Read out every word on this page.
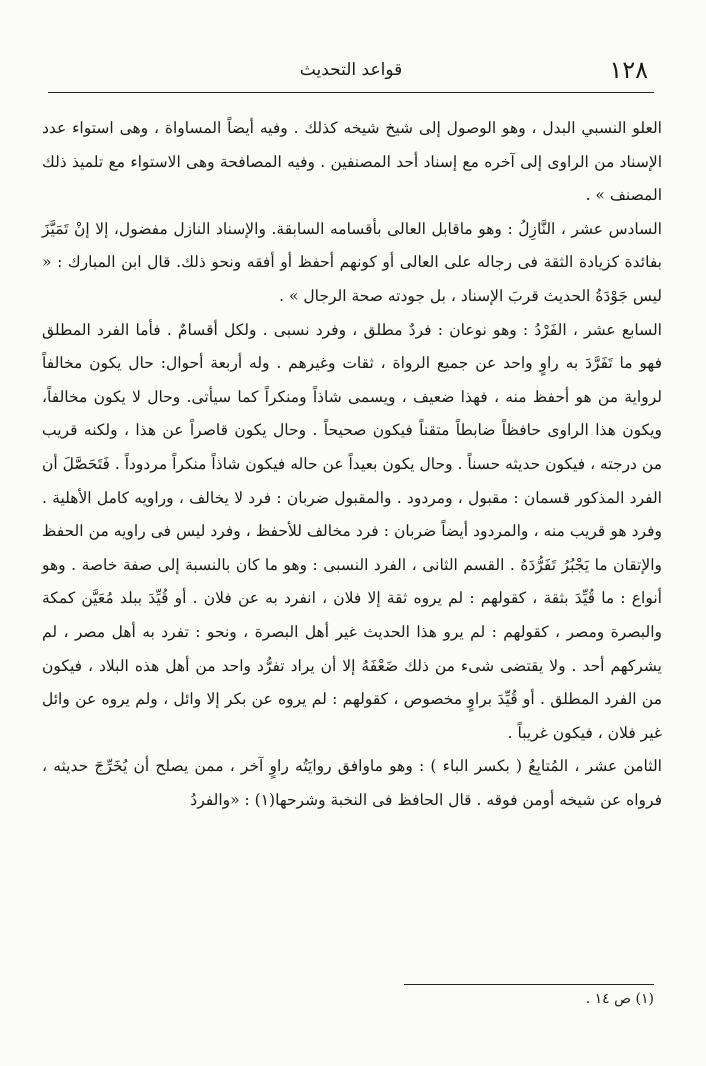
١٢٨
قواعد التحديث

العلو النسبي البدل ، وهو الوصول إلى شيخ شيخه كذلك . وفيه أيضاً المساواة ، وهى استواء عدد الإسناد من الراوى إلى آخره مع إسناد أحد المصنفين . وفيه المصافحة وهى الاستواء مع تلميذ ذلك المصنف » .

السادس عشر ، النَّازِلُ : وهو ماقابل العالى بأقسامه السابقة. والإسناد النازل مفضول، إلا إنْ تَمَيَّزَ بفائدة كزيادة الثقة فى رجاله على العالى أو كونهم أحفظ أو أفقه ونحو ذلك. قال ابن المبارك : « ليس جَوْدَةُ الحديث قربَ الإسناد ، بل جودته صحة الرجال » .

السابع عشر ، الفَرْدُ : وهو نوعان : فردٌ مطلق ، وفرد نسبى . ولكل أقسامٌ . فأما الفرد المطلق فهو ما تَفَرَّدَ به راوٍ واحد عن جميع الرواة ، ثقات وغيرهم . وله أربعة أحوال: حال يكون مخالفاً لرواية من هو أحفظ منه ، فهذا ضعيف ، ويسمى شاذاً ومنكراً كما سيأتى. وحال لا يكون مخالفاً، ويكون هذا الراوى حافظاً ضابطاً متقناً فيكون صحيحاً . وحال يكون قاصراً عن هذا ، ولكنه قريب من درجته ، فيكون حديثه حسناً . وحال يكون بعيداً عن حاله فيكون شاذاً منكراً مردوداً . فَتَحَصَّلَ أن الفرد المذكور قسمان : مقبول ، ومردود . والمقبول ضربان : فرد لا يخالف ، وراويه كامل الأهلية . وفرد هو قريب منه ، والمردود أيضاً ضربان : فرد مخالف للأحفظ ، وفرد ليس فى راويه من الحفظ والإتقان ما يَجْبُرُ تَفَرُّدَهُ . القسم الثانى ، الفرد النسبى : وهو ما كان بالنسبة إلى صفة خاصة . وهو أنواع : ما قُيِّدَ بثقة ، كقولهم : لم يروه ثقة إلا فلان ، انفرد به عن فلان . أو قُيِّدَ ببلد مُعَيَّن كمكة والبصرة ومصر ، كقولهم : لم يرو هذا الحديث غير أهل البصرة ، ونحو : تفرد به أهل مصر ، لم يشركهم أحد . ولا يقتضى شىء من ذلك ضَعْفَهُ إلا أن يراد تفرُّد واحد من أهل هذه البلاد ، فيكون من الفرد المطلق . أو قُيِّدَ براوٍ مخصوص ، كقولهم : لم يروه عن بكر إلا وائل ، ولم يروه عن وائل غير فلان ، فيكون غريباً .

الثامن عشر ، المُتابِعُ ( بكسر الباء ) : وهو ماوافق روايَتُه راوٍ آخر ، ممن يصلح أن يُخَرِّجَ حديثه ، فرواه عن شيخه أومن فوقه . قال الحافظ فى النخبة وشرحها(١) : «والفردُ

(١) ص ١٤ .
